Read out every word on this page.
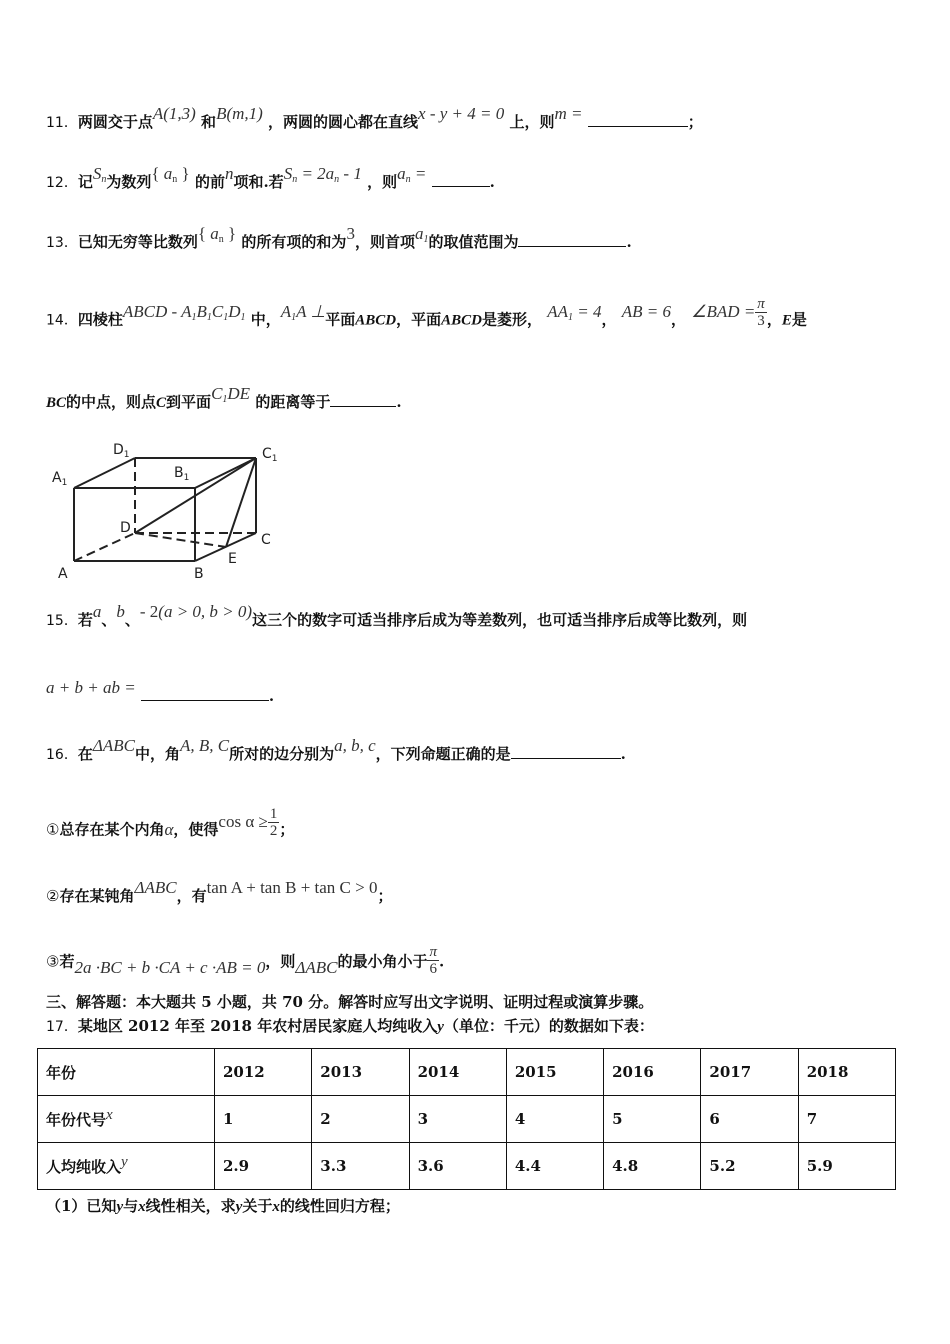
11．两圆交于点A(1,3) 和B(m,1) ，两圆的圆心都在直线x - y + 4 = 0 上，则m =	；
12．记$S_n$为数列{ $a_n$ } 的前n项和.若$S_n = 2a_n - 1$ ，则$a_n$ =	.
13．已知无穷等比数列{ $a_n$ } 的所有项的和为3，则首项$a_1$的取值范围为	.
14．四棱柱ABCD - $A_1B_1C_1D_1$ 中，$A_1A$ ⊥平面ABCD，平面ABCD是菱形， $AA_1 = 4$， AB = 6， ∠BAD = $\frac{\pi}{3}$ ，E是
BC的中点，则点C到平面$C_1DE$ 的距离等于	.
$D_1$
$A_1$
$B_1$
$C_1$
D
C
E
A	B
15．若a、b、- 2(a > 0, b > 0)这三个的数字可适当排序后成为等差数列，也可适当排序后成等比数列，则
a + b + ab =	.
16．在ΔABC中，角A, B, C所对的边分别为a, b, c，下列命题正确的是	.
①总存在某个内角α，使得$\cos \alpha \ge \frac{1}{2}$ ；
②存在某钝角ΔABC，有tan A + tan B + tan C > 0；
③若2a ·BC + b ·CA + c ·AB = 0，则ΔABC的最小角小于 $\frac{\pi}{6}$ .
三、解答题：本大题共 5 小题，共 70 分。解答时应写出文字说明、证明过程或演算步骤。
17．某地区 2012 年至 2018 年农村居民家庭人均纯收入y（单位：千元）的数据如下表：
年份	2012	2013	2014	2015	2016	2017	2018
年份代号x	1	2	3	4	5	6	7
人均纯收入y	2.9	3.3	3.6	4.4	4.8	5.2	5.9
（1）已知y与x线性相关，求y关于x的线性回归方程；
